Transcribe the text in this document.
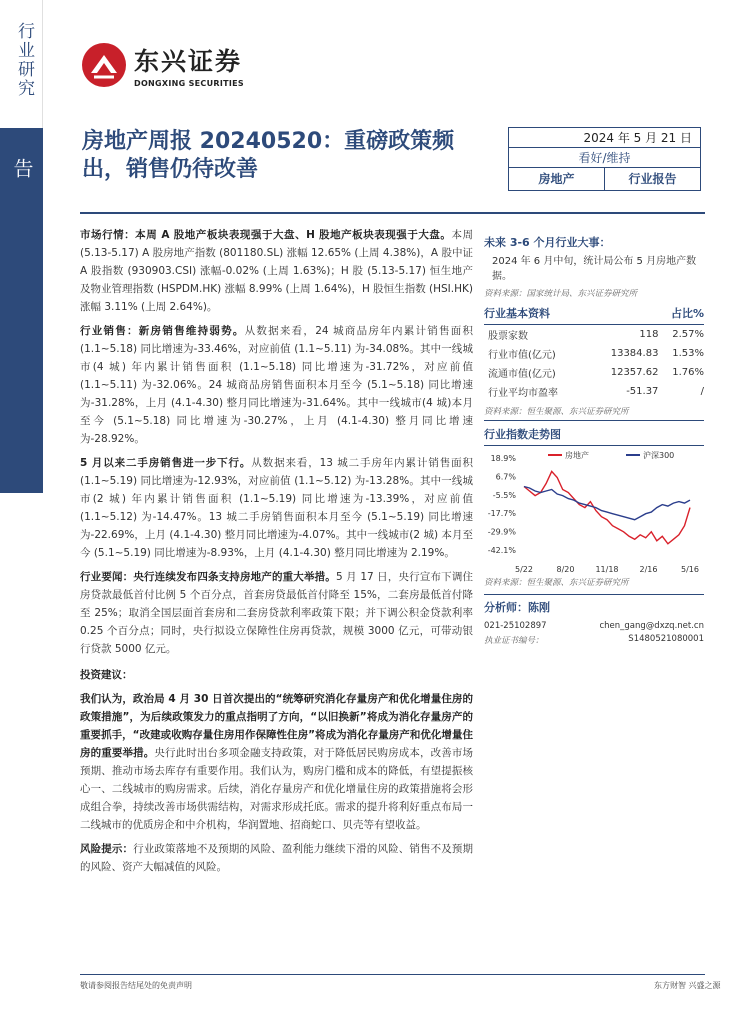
行业研究
东兴证券股份有限公司证券研究报告
东兴证券
DONGXING SECURITIES
房地产周报 20240520：重磅政策频出，销售仍待改善
2024 年 5 月 21 日
看好/维持
房地产	行业报告

市场行情：本周 A 股地产板块表现强于大盘、H 股地产板块表现强于大盘。本周 (5.13-5.17) A 股房地产指数 (801180.SL) 涨幅 12.65% (上周 4.38%)，A 股中证 A 股指数 (930903.CSI) 涨幅-0.02% (上周 1.63%)；H 股 (5.13-5.17) 恒生地产及物业管理指数 (HSPDM.HK) 涨幅 8.99% (上周 1.64%)，H 股恒生指数 (HSI.HK) 涨幅 3.11% (上周 2.64%)。

行业销售：新房销售维持弱势。从数据来看，24 城商品房年内累计销售面积 (1.1~5.18) 同比增速为-33.46%，对应前值 (1.1~5.11) 为-34.08%。其中一线城市(4 城) 年内累计销售面积 (1.1~5.18) 同比增速为-31.72%，对应前值 (1.1~5.11) 为-32.06%。24 城商品房销售面积本月至今 (5.1~5.18) 同比增速为-31.28%，上月 (4.1-4.30) 整月同比增速为-31.64%。其中一线城市(4 城)本月至今 (5.1~5.18) 同比增速为-30.27%，上月 (4.1-4.30) 整月同比增速为-28.92%。

5 月以来二手房销售进一步下行。从数据来看，13 城二手房年内累计销售面积 (1.1~5.19) 同比增速为-12.93%，对应前值 (1.1~5.12) 为-13.28%。其中一线城市(2 城) 年内累计销售面积 (1.1~5.19) 同比增速为-13.39%，对应前值 (1.1~5.12) 为-14.47%。13 城二手房销售面积本月至今 (5.1~5.19) 同比增速为-22.69%，上月 (4.1-4.30) 整月同比增速为-4.07%。其中一线城市(2 城) 本月至今 (5.1~5.19) 同比增速为-8.93%，上月 (4.1-4.30) 整月同比增速为 2.19%。

行业要闻：央行连续发布四条支持房地产的重大举措。5 月 17 日，央行宣布下调住房贷款最低首付比例 5 个百分点，首套房贷最低首付降至 15%，二套房最低首付降至 25%；取消全国层面首套房和二套房贷款利率政策下限；并下调公积金贷款利率 0.25 个百分点；同时，央行拟设立保障性住房再贷款，规模 3000 亿元，可带动银行贷款 5000 亿元。

投资建议：

我们认为，政治局 4 月 30 日首次提出的“统筹研究消化存量房产和优化增量住房的政策措施”，为后续政策发力的重点指明了方向，“以旧换新”将成为消化存量房产的重要抓手，“改建或收购存量住房用作保障性住房”将成为消化存量房产和优化增量住房的重要举措。央行此时出台多项金融支持政策，对于降低居民购房成本，改善市场预期、推动市场去库存有重要作用。我们认为，购房门槛和成本的降低，有望提振核心一、二线城市的购房需求。后续，消化存量房产和优化增量住房的政策措施将会形成组合拳，持续改善市场供需结构，对需求形成托底。需求的提升将利好重点布局一二线城市的优质房企和中介机构，华润置地、招商蛇口、贝壳等有望收益。

风险提示：行业政策落地不及预期的风险、盈利能力继续下滑的风险、销售不及预期的风险、资产大幅减值的风险。

未来 3-6 个月行业大事：
2024 年 6 月中旬，统计局公布 5 月房地产数据。
资料来源：国家统计局、东兴证券研究所
行业基本资料	占比%
股票家数	118	2.57%
行业市值(亿元)	13384.83	1.53%
流通市值(亿元)	12357.62	1.76%
行业平均市盈率	-51.37	/
资料来源：恒生聚源、东兴证券研究所
行业指数走势图
18.9%
6.7%
-5.5%
-17.7%
-29.9%
-42.1%
5/22	8/20	11/18	2/16	5/16
房地产	沪深300
资料来源：恒生聚源、东兴证券研究所
分析师：陈刚
021-25102897	chen_gang@dxzq.net.cn
执业证书编号：	S1480521080001
敬请参阅报告结尾处的免责声明	东方财智 兴盛之源
